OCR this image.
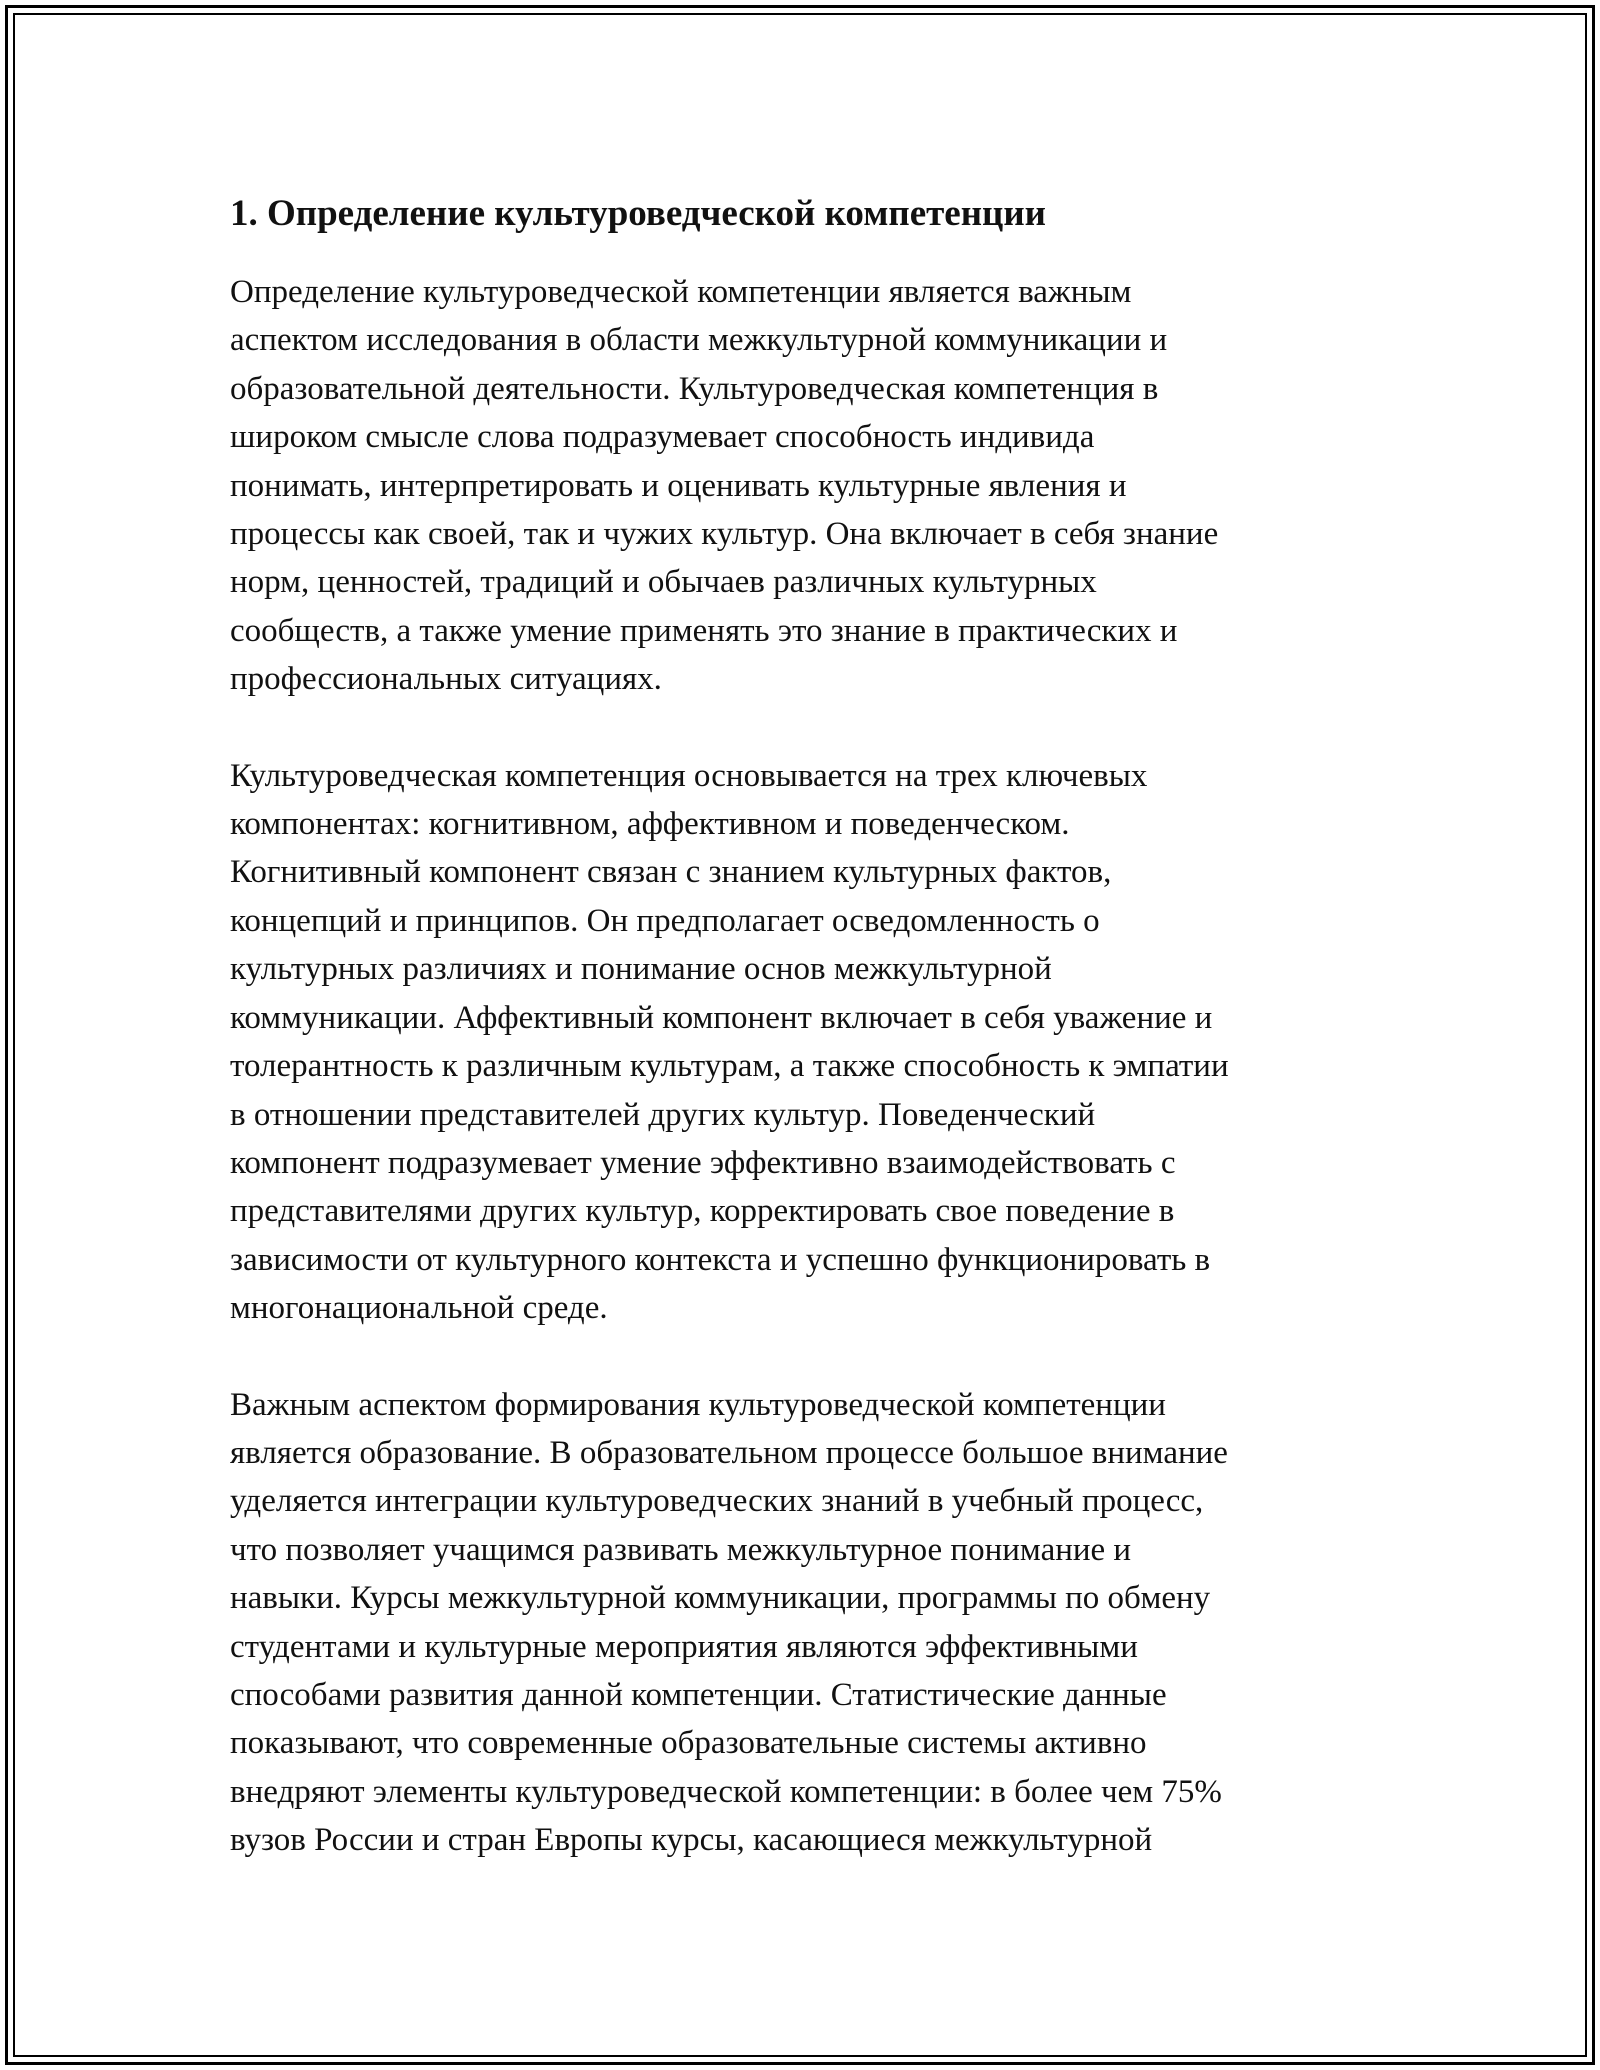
1. Определение культуроведческой компетенции

Определение культуроведческой компетенции является важным
аспектом исследования в области межкультурной коммуникации и
образовательной деятельности. Культуроведческая компетенция в
широком смысле слова подразумевает способность индивида
понимать, интерпретировать и оценивать культурные явления и
процессы как своей, так и чужих культур. Она включает в себя знание
норм, ценностей, традиций и обычаев различных культурных
сообществ, а также умение применять это знание в практических и
профессиональных ситуациях.

Культуроведческая компетенция основывается на трех ключевых
компонентах: когнитивном, аффективном и поведенческом.
Когнитивный компонент связан с знанием культурных фактов,
концепций и принципов. Он предполагает осведомленность о
культурных различиях и понимание основ межкультурной
коммуникации. Аффективный компонент включает в себя уважение и
толерантность к различным культурам, а также способность к эмпатии
в отношении представителей других культур. Поведенческий
компонент подразумевает умение эффективно взаимодействовать с
представителями других культур, корректировать свое поведение в
зависимости от культурного контекста и успешно функционировать в
многонациональной среде.

Важным аспектом формирования культуроведческой компетенции
является образование. В образовательном процессе большое внимание
уделяется интеграции культуроведческих знаний в учебный процесс,
что позволяет учащимся развивать межкультурное понимание и
навыки. Курсы межкультурной коммуникации, программы по обмену
студентами и культурные мероприятия являются эффективными
способами развития данной компетенции. Статистические данные
показывают, что современные образовательные системы активно
внедряют элементы культуроведческой компетенции: в более чем 75%
вузов России и стран Европы курсы, касающиеся межкультурной
